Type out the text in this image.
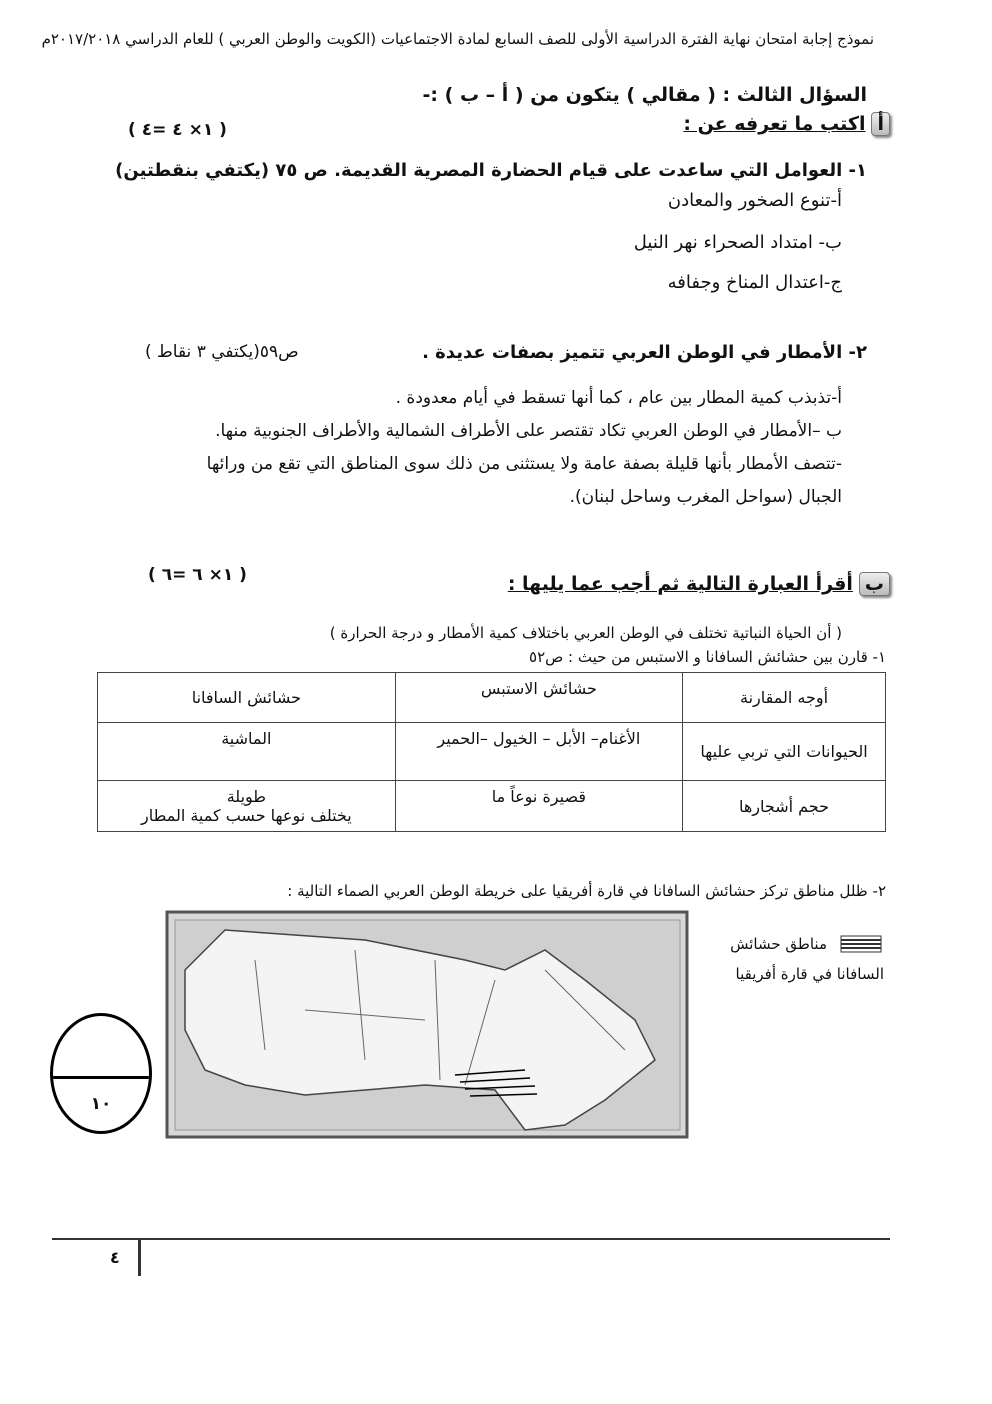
نموذج إجابة امتحان نهاية الفترة الدراسية الأولى للصف السابع لمادة الاجتماعيات (الكويت والوطن العربي ) للعام الدراسي ٢٠١٧/٢٠١٨م
السؤال الثالث : ( مقالي ) يتكون من ( أ – ب ) :-
أاكتب ما تعرفه عن :
( ١× ٤ =٤ )
١- العوامل التي ساعدت على قيام الحضارة المصرية القديمة. ص ٧٥ (يكتفي بنقطتين)
أ-تنوع الصخور والمعادن
ب- امتداد الصحراء نهر النيل
ج-اعتدال المناخ وجفافه
٢- الأمطار في الوطن العربي تتميز بصفات عديدة .
ص٥٩(يكتفي ٣ نقاط )
أ-تذبذب كمية المطار بين عام ، كما أنها تسقط في أيام معدودة .
ب –الأمطار في الوطن العربي تكاد تقتصر على الأطراف الشمالية والأطراف الجنوبية منها.
-تتصف الأمطار بأنها قليلة بصفة عامة ولا يستثنى من ذلك سوى المناطق التي تقع من ورائها
الجبال (سواحل المغرب وساحل لبنان).
بأقرأ العبارة التالية ثم أجب عما يليها :
( ١× ٦ =٦ )
( أن الحياة النباتية تختلف في الوطن العربي باختلاف كمية الأمطار و درجة الحرارة )
١- قارن بين حشائش السافانا و الاستبس من حيث : ص٥٢
أوجه المقارنة	حشائش الاستبس	حشائش السافانا
الحيوانات التي تربي عليها	الأغنام– الأبل – الخيول –الحمير	الماشية
حجم أشجارها	قصيرة نوعاً ما	طويلة
يختلف نوعها حسب كمية المطار
٢- ظلل مناطق تركز حشائش السافانا في قارة أفريقيا على خريطة الوطن العربي الصماء التالية :
مناطق حشائش
السافانا في قارة أفريقيا
١٠
٤
